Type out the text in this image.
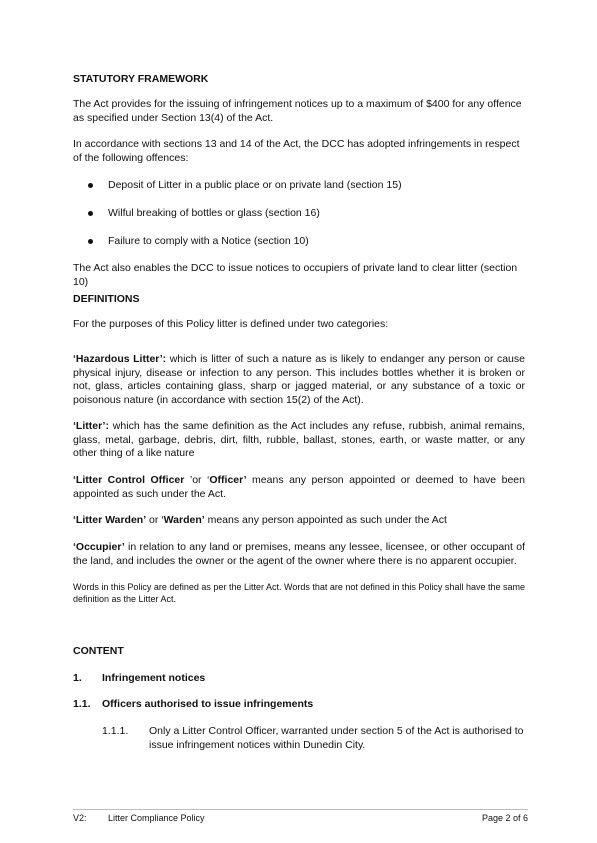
STATUTORY FRAMEWORK

The Act provides for the issuing of infringement notices up to a maximum of $400 for any offence as specified under Section 13(4) of the Act.

In accordance with sections 13 and 14 of the Act, the DCC has adopted infringements in respect of the following offences:

Deposit of Litter in a public place or on private land (section 15)
Wilful breaking of bottles or glass (section 16)
Failure to comply with a Notice (section 10)

The Act also enables the DCC to issue notices to occupiers of private land to clear litter (section 10)

DEFINITIONS

For the purposes of this Policy litter is defined under two categories:

‘Hazardous Litter’: which is litter of such a nature as is likely to endanger any person or cause physical injury, disease or infection to any person. This includes bottles whether it is broken or not, glass, articles containing glass, sharp or jagged material, or any substance of a toxic or poisonous nature (in accordance with section 15(2) of the Act).

‘Litter’: which has the same definition as the Act includes any refuse, rubbish, animal remains, glass, metal, garbage, debris, dirt, filth, rubble, ballast, stones, earth, or waste matter, or any other thing of a like nature

‘Litter Control Officer ’or ‘Officer’ means any person appointed or deemed to have been appointed as such under the Act.

‘Litter Warden’ or ‘Warden’ means any person appointed as such under the Act

‘Occupier’ in relation to any land or premises, means any lessee, licensee, or other occupant of the land, and includes the owner or the agent of the owner where there is no apparent occupier.

Words in this Policy are defined as per the Litter Act. Words that are not defined in this Policy shall have the same definition as the Litter Act.

CONTENT

1. Infringement notices
1.1. Officers authorised to issue infringements
1.1.1. Only a Litter Control Officer, warranted under section 5 of the Act is authorised to issue infringement notices within Dunedin City.
V2: Litter Compliance Policy	Page 2 of 6
